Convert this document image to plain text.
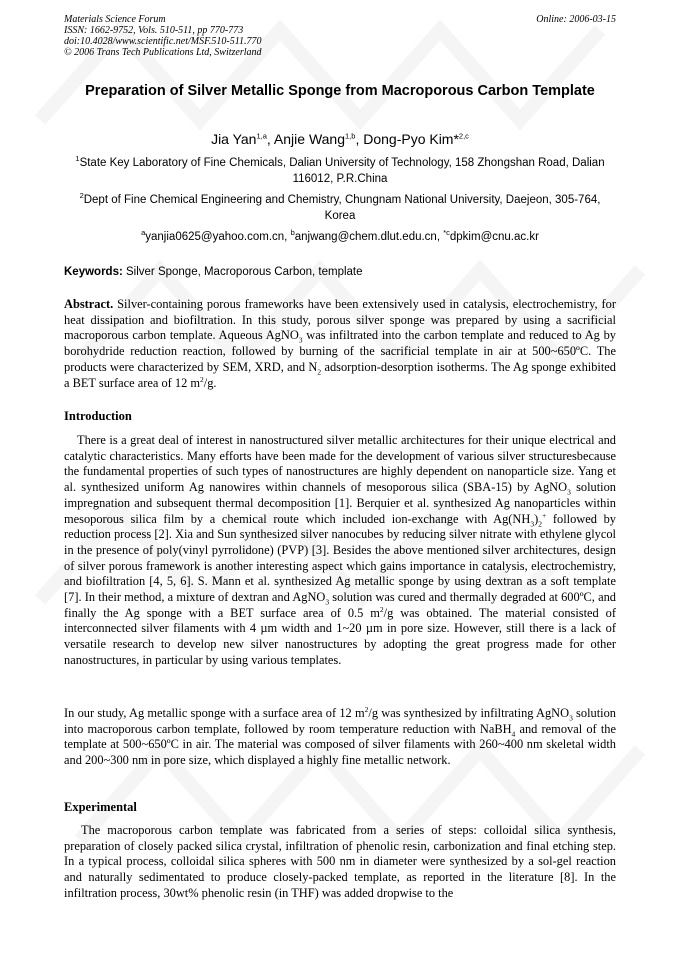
Materials Science Forum
ISSN: 1662-9752, Vols. 510-511, pp 770-773
doi:10.4028/www.scientific.net/MSF.510-511.770
© 2006 Trans Tech Publications Ltd, Switzerland
Online: 2006-03-15
Preparation of Silver Metallic Sponge from Macroporous Carbon Template
Jia Yan$^{1,a}$, Anjie Wang$^{1,b}$, Dong-Pyo Kim*$^{2,c}$
$^1$State Key Laboratory of Fine Chemicals, Dalian University of Technology, 158 Zhongshan Road, Dalian 116012, P.R.China
$^2$Dept of Fine Chemical Engineering and Chemistry, Chungnam National University, Daejeon, 305-764, Korea
$^a$yanjia0625@yahoo.com.cn, $^b$anjwang@chem.dlut.edu.cn, $^{*c}$dpkim@cnu.ac.kr
Keywords: Silver Sponge, Macroporous Carbon, template
Abstract. Silver-containing porous frameworks have been extensively used in catalysis, electrochemistry, for heat dissipation and biofiltration. In this study, porous silver sponge was prepared by using a sacrificial macroporous carbon template. Aqueous AgNO$_3$ was infiltrated into the carbon template and reduced to Ag by borohydride reduction reaction, followed by burning of the sacrificial template in air at 500~650ºC. The products were characterized by SEM, XRD, and $N_2$ adsorption-desorption isotherms. The Ag sponge exhibited a BET surface area of 12 $m^2/g$.
Introduction
There is a great deal of interest in nanostructured silver metallic architectures for their unique electrical and catalytic characteristics. Many efforts have been made for the development of various silver structuresbecause the fundamental properties of such types of nanostructures are highly dependent on nanoparticle size. Yang et al. synthesized uniform Ag nanowires within channels of mesoporous silica (SBA-15) by AgNO$_3$ solution impregnation and subsequent thermal decomposition [1]. Berquier et al. synthesized Ag nanoparticles within mesoporous silica film by a chemical route which included ion-exchange with $Ag(NH_3)_2^+$ followed by reduction process [2]. Xia and Sun synthesized silver nanocubes by reducing silver nitrate with ethylene glycol in the presence of poly(vinyl pyrrolidone) (PVP) [3]. Besides the above mentioned silver architectures, design of silver porous framework is another interesting aspect which gains importance in catalysis, electrochemistry, and biofiltration [4, 5, 6]. S. Mann et al. synthesized Ag metallic sponge by using dextran as a soft template [7]. In their method, a mixture of dextran and AgNO$_3$ solution was cured and thermally degraded at 600ºC, and finally the Ag sponge with a BET surface area of 0.5 $m^2/g$ was obtained. The material consisted of interconnected silver filaments with 4 µm width and 1~20 µm in pore size. However, still there is a lack of versatile research to develop new silver nanostructures by adopting the great progress made for other nanostructures, in particular by using various templates.
In our study, Ag metallic sponge with a surface area of 12 $m^2/g$ was synthesized by infiltrating AgNO$_3$ solution into macroporous carbon template, followed by room temperature reduction with NaBH$_4$ and removal of the template at 500~650ºC in air. The material was composed of silver filaments with 260~400 nm skeletal width and 200~300 nm in pore size, which displayed a highly fine metallic network.
Experimental
The macroporous carbon template was fabricated from a series of steps: colloidal silica synthesis, preparation of closely packed silica crystal, infiltration of phenolic resin, carbonization and final etching step. In a typical process, colloidal silica spheres with 500 nm in diameter were synthesized by a sol-gel reaction and naturally sedimentated to produce closely-packed template, as reported in the literature [8]. In the infiltration process, 30wt% phenolic resin (in THF) was added dropwise to the
